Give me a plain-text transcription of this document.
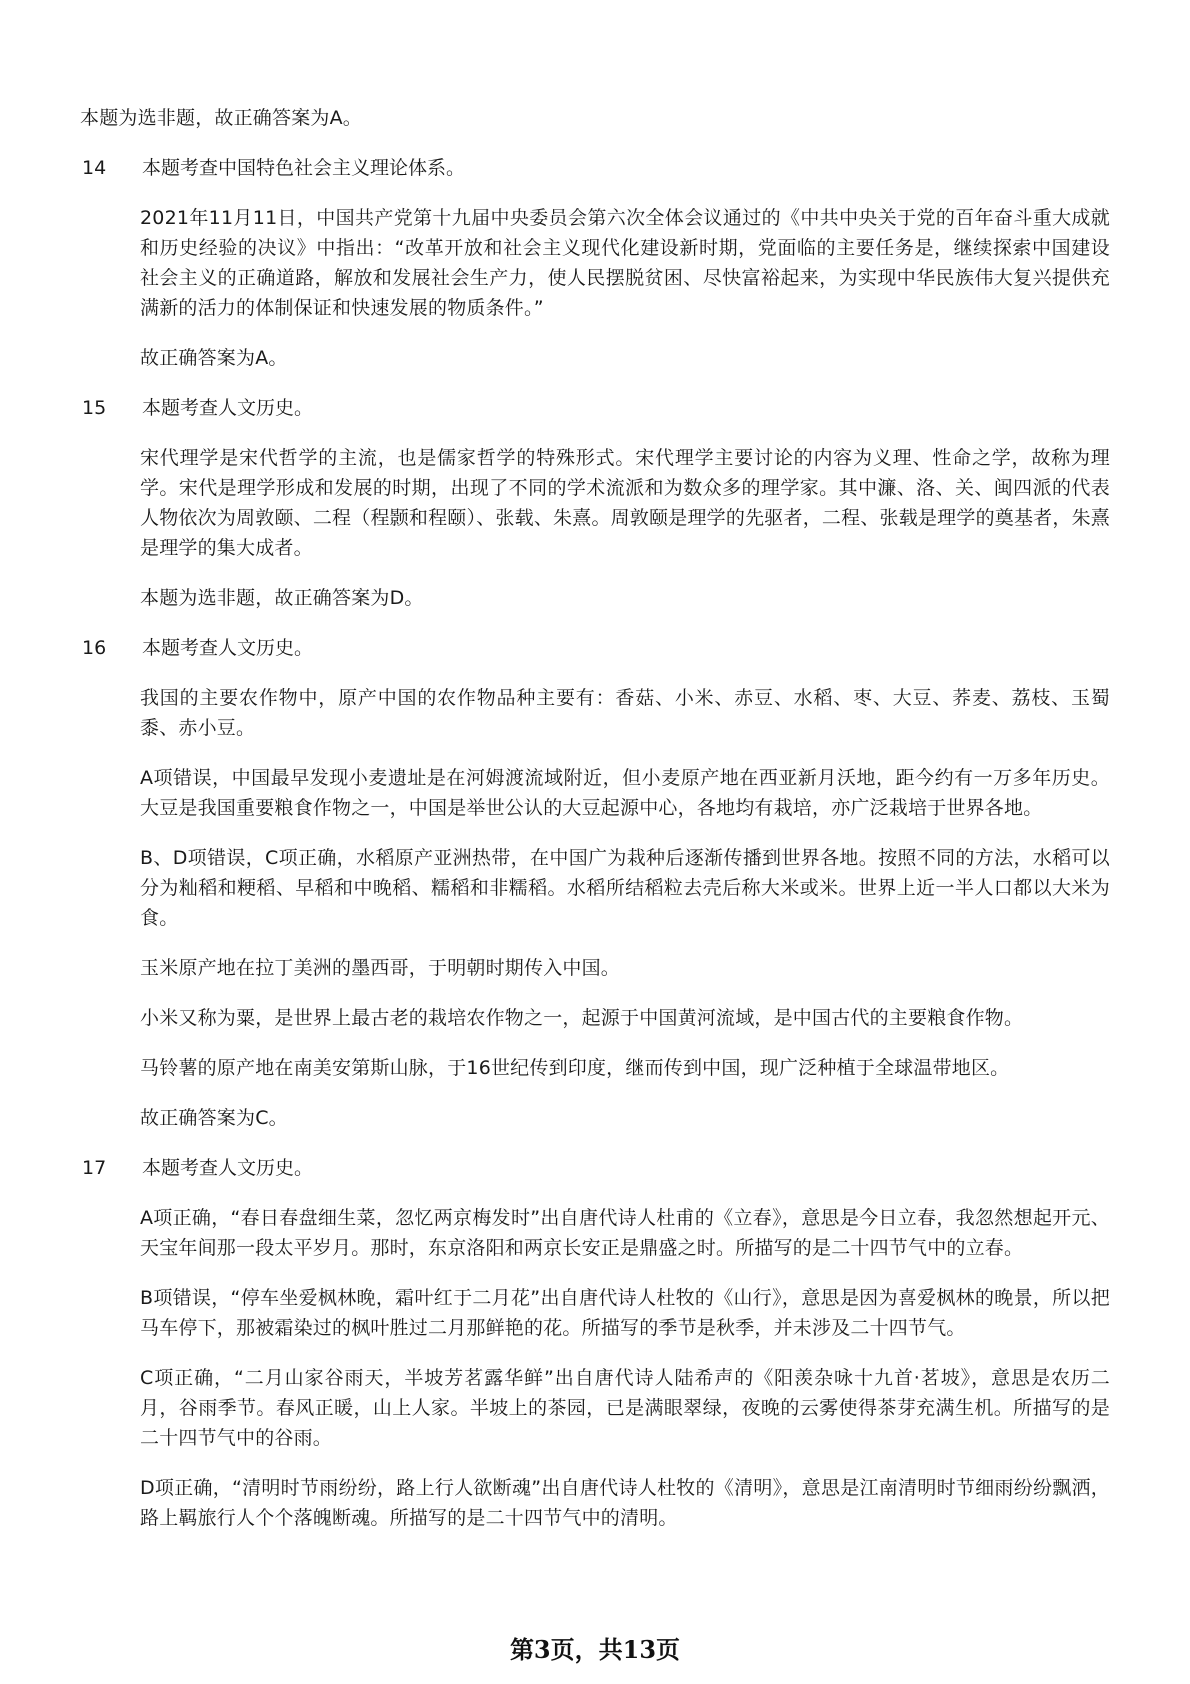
本题为选非题，故正确答案为A。

14	本题考查中国特色社会主义理论体系。

2021年11月11日，中国共产党第十九届中央委员会第六次全体会议通过的《中共中央关于党的百年奋斗重大成就和历史经验的决议》中指出：“改革开放和社会主义现代化建设新时期，党面临的主要任务是，继续探索中国建设社会主义的正确道路，解放和发展社会生产力，使人民摆脱贫困、尽快富裕起来，为实现中华民族伟大复兴提供充满新的活力的体制保证和快速发展的物质条件。”

故正确答案为A。

15	本题考查人文历史。

宋代理学是宋代哲学的主流，也是儒家哲学的特殊形式。宋代理学主要讨论的内容为义理、性命之学，故称为理学。宋代是理学形成和发展的时期，出现了不同的学术流派和为数众多的理学家。其中濂、洛、关、闽四派的代表人物依次为周敦颐、二程（程颢和程颐）、张载、朱熹。周敦颐是理学的先驱者，二程、张载是理学的奠基者，朱熹是理学的集大成者。

本题为选非题，故正确答案为D。

16	本题考查人文历史。

我国的主要农作物中，原产中国的农作物品种主要有：香菇、小米、赤豆、水稻、枣、大豆、荞麦、荔枝、玉蜀黍、赤小豆。

A项错误，中国最早发现小麦遗址是在河姆渡流域附近，但小麦原产地在西亚新月沃地，距今约有一万多年历史。大豆是我国重要粮食作物之一，中国是举世公认的大豆起源中心，各地均有栽培，亦广泛栽培于世界各地。

B、D项错误，C项正确，水稻原产亚洲热带，在中国广为栽种后逐渐传播到世界各地。按照不同的方法，水稻可以分为籼稻和粳稻、早稻和中晚稻、糯稻和非糯稻。水稻所结稻粒去壳后称大米或米。世界上近一半人口都以大米为食。

玉米原产地在拉丁美洲的墨西哥，于明朝时期传入中国。

小米又称为粟，是世界上最古老的栽培农作物之一，起源于中国黄河流域，是中国古代的主要粮食作物。

马铃薯的原产地在南美安第斯山脉，于16世纪传到印度，继而传到中国，现广泛种植于全球温带地区。

故正确答案为C。

17	本题考查人文历史。

A项正确，“春日春盘细生菜，忽忆两京梅发时”出自唐代诗人杜甫的《立春》，意思是今日立春，我忽然想起开元、天宝年间那一段太平岁月。那时，东京洛阳和两京长安正是鼎盛之时。所描写的是二十四节气中的立春。

B项错误，“停车坐爱枫林晚，霜叶红于二月花”出自唐代诗人杜牧的《山行》，意思是因为喜爱枫林的晚景，所以把马车停下，那被霜染过的枫叶胜过二月那鲜艳的花。所描写的季节是秋季，并未涉及二十四节气。

C项正确，“二月山家谷雨天，半坡芳茗露华鲜”出自唐代诗人陆希声的《阳羡杂咏十九首·茗坡》，意思是农历二月，谷雨季节。春风正暖，山上人家。半坡上的茶园，已是满眼翠绿，夜晚的云雾使得茶芽充满生机。所描写的是二十四节气中的谷雨。

D项正确，“清明时节雨纷纷，路上行人欲断魂”出自唐代诗人杜牧的《清明》，意思是江南清明时节细雨纷纷飘洒，路上羁旅行人个个落魄断魂。所描写的是二十四节气中的清明。

第3页，共13页
